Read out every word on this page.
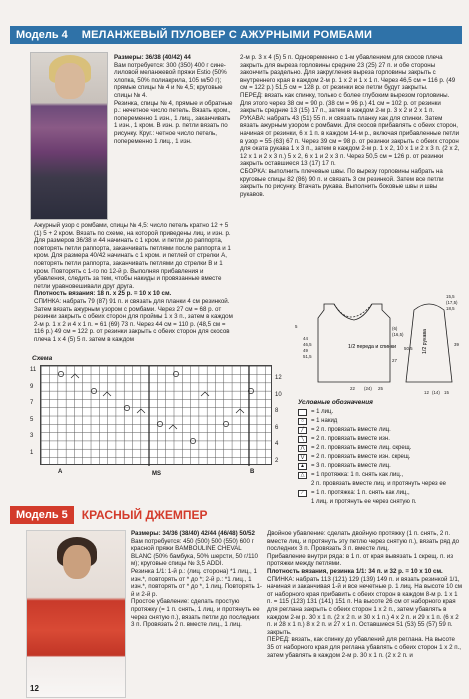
Модель 4	МЕЛАНЖЕВЫЙ ПУЛОВЕР С АЖУРНЫМИ РОМБАМИ

Размеры: 36/38 (40/42) 44

Вам потребуется: 300 (350) 400 г сине-лиловой меланжевой пряжи Estio (50% хлопка, 50% полиакрила, 105 м/50 г); прямые спицы № 4 и № 4,5; круговые спицы № 4.

Резинка, спицы № 4, прямые и обратные р.: нечетное число петель. Вязать кром., попеременно 1 изн., 1 лиц., заканчивать 1 изн., 1 кром. В изн. р. петли вязать по рисунку. Круг.: четное число петель, попеременно 1 лиц., 1 изн.

Ажурный узор с ромбами, спицы № 4,5: число петель кратно 12 + 5 (1) 5 + 2 кром. Вязать по схеме, на которой приведены лиц. и изн. р. Для размеров 36/38 и 44 начинать с 1 кром. и петли до раппорта, повторять петли раппорта, заканчивать петлями после раппорта и 1 кром. Для размера 40/42 начинать с 1 кром. и петлей от стрелки A, повторять петли раппорта, заканчивать петлями до стрелки B и 1 кром. Повторять с 1-го по 12-й р. Выполняя прибавления и убавления, следить за тем, чтобы накиды и провязанные вместе петли уравновешивали друг друга.

Плотность вязания: 18 п. x 25 р. = 10 x 10 см.

СПИНКА: набрать 79 (87) 91 п. и связать для планки 4 см резинкой. Затем вязать ажурным узором с ромбами. Через 27 см = 68 р. от резинки закрыть с обеих сторон для проймы 1 x 3 п., затем в каждом 2-м р. 1 x 2 и 4 x 1 п. = 61 (69) 73 п. Через 44 см = 110 р. (48,5 см = 116 р.) 49 см = 122 р. от резинки закрыть с обеих сторон для скосов плеча 1 x 4 (5) 5 п. затем в каждом

2-м р. 3 x 4 (5) 5 п. Одновременно с 1-м убавлением для скосов плеча закрыть для выреза горловины средние 23 (25) 27 п. и обе стороны закончить раздельно. Для закругления выреза горловины закрыть с внутреннего края в каждом 2-м р. 1 x 2 и 1 x 1 п. Через 46,5 см = 116 р. (49 см = 122 р.) 51,5 см = 128 р. от резинки все петли будут закрыты.

ПЕРЕД: вязать как спинку, только с более глубоким вырезом горловины. Для этого через 38 см = 90 р. (38 см = 96 р.) 41 см = 102 р. от резинки закрыть средние 13 (15) 17 п., затем в каждом 2-м р. 3 x 2 и 2 x 1 п.

РУКАВА: набрать 43 (51) 55 п. и связать планку как для спинки. Затем вязать ажурным узором с ромбами. Для скосов прибавлять с обеих сторон, начиная от резинки, 6 x 1 п. в каждом 14-м р., включая прибавленные петли в узор = 55 (63) 67 п. Через 39 см = 98 р. от резинки закрыть с обеих сторон для оката рукава 1 x 3 п., затем в каждом 2-м р. 1 x 2, 10 x 1 и 2 x 3 п. (2 x 2, 12 x 1 и 2 x 3 п.) 5 x 2, 6 x 1 и 2 x 3 п. Через 50,5 см = 126 р. от резинки закрыть оставшиеся 13 (17) 17 п.

СБОРКА: выполнить плечевые швы. По вырезу горловины набрать на круговые спицы 82 (86) 90 п. и связать 3 см резинкой. Затем все петли закрыть по рисунку. Втачать рукава. Выполнить боковые швы и швы рукавов.

Схема
11
9
7
5
3
1
12
10
8
6
4
2
A	MS	B
1/2 переда и спинки	1/2 рукава
5
44
46,5
49
51,5
(6)
(16,5)
27
22 (24) 25
15,5
(17,5)
18,5
39
50,5
12 (14) 15
Условные обозначения
= 1 лиц.
○	= 1 накид
╱	= 2 п. провязать вместе лиц.
╲	= 2 п. провязать вместе изн.
⋀	= 2 п. провязать вместе лиц. скрещ.
⋁	= 2 п. провязать вместе изн. скрещ.
▲	= 3 п. провязать вместе лиц.
△	= 1 протяжка: 1 п. снять как лиц.,
2 п. провязать вместе лиц. и протянуть через ее
⟋	= 1 п. протяжка: 1 п. снять как лиц.,
1 лиц. и протянуть ее через снятую п.
Модель 5	КРАСНЫЙ ДЖЕМПЕР

Размеры: 34/36 (38/40) 42/44 (46/48) 50/52

Вам потребуется: 450 (500) 500 (550) 600 г красной пряжи BAMBOULINE CHEVAL BLANC (50% бамбука, 50% шерсти, 50 г/110 м); круговые спицы № 3,5 ADDI.

Резинка 1/1: 1-й р.: (лиц. сторона) *1 лиц., 1 изн.*, повторять от * до *; 2-й р.: *1 лиц., 1 изн.*, повторять от * до *, 1 лиц. Повторять 1-й и 2-й р.

Простое убавление: сделать простую протяжку (= 1 п. снять, 1 лиц. и протянуть ее через снятую п.), вязать петли до последних 3 п. Провязать 2 п. вместе лиц., 1 лиц.

Двойное убавление: сделать двойную протяжку (1 п. снять, 2 п. вместе лиц. и протянуть эту петлю через снятую п.), вязать ряд до последних 3 п. Провязать 3 п. вместе лиц.

Прибавление внутри ряда: в 1 п. от края вывязать 1 скрещ. п. из протяжки между петлями.

Плотность вязания, резинка 1/1: 34 п. и 32 р. = 10 x 10 см.

СПИНКА: набрать 113 (121) 129 (139) 149 п. и вязать резинкой 1/1, начиная и заканчивая 1-й и все нечетные р. 1 лиц. На высоте 10 см от наборного края прибавить с обеих сторон в каждом 8-м р. 1 x 1 п. = 115 (123) 131 (141) 151 п. На высоте 26 см от наборного края для реглана закрыть с обеих сторон 1 x 2 п., затем убавлять в каждом 2-м р. 30 x 1 п. (2 x 2 п. и 30 x 1 п.) 4 x 2 п. и 29 x 1 п. (6 x 2 п. и 28 x 1 п.) 8 x 2 п. и 27 x 1 п. Оставшиеся 51 (53) 55 (57) 59 п. закрыть.

ПЕРЕД: вязать, как спинку до убавлений для реглана. На высоте 35 от наборного края для реглана убавлять с обеих сторон 1 x 2 п., затем убавлять в каждом 2-м р. 30 x 1 п. (2 x 2 п. и

12
